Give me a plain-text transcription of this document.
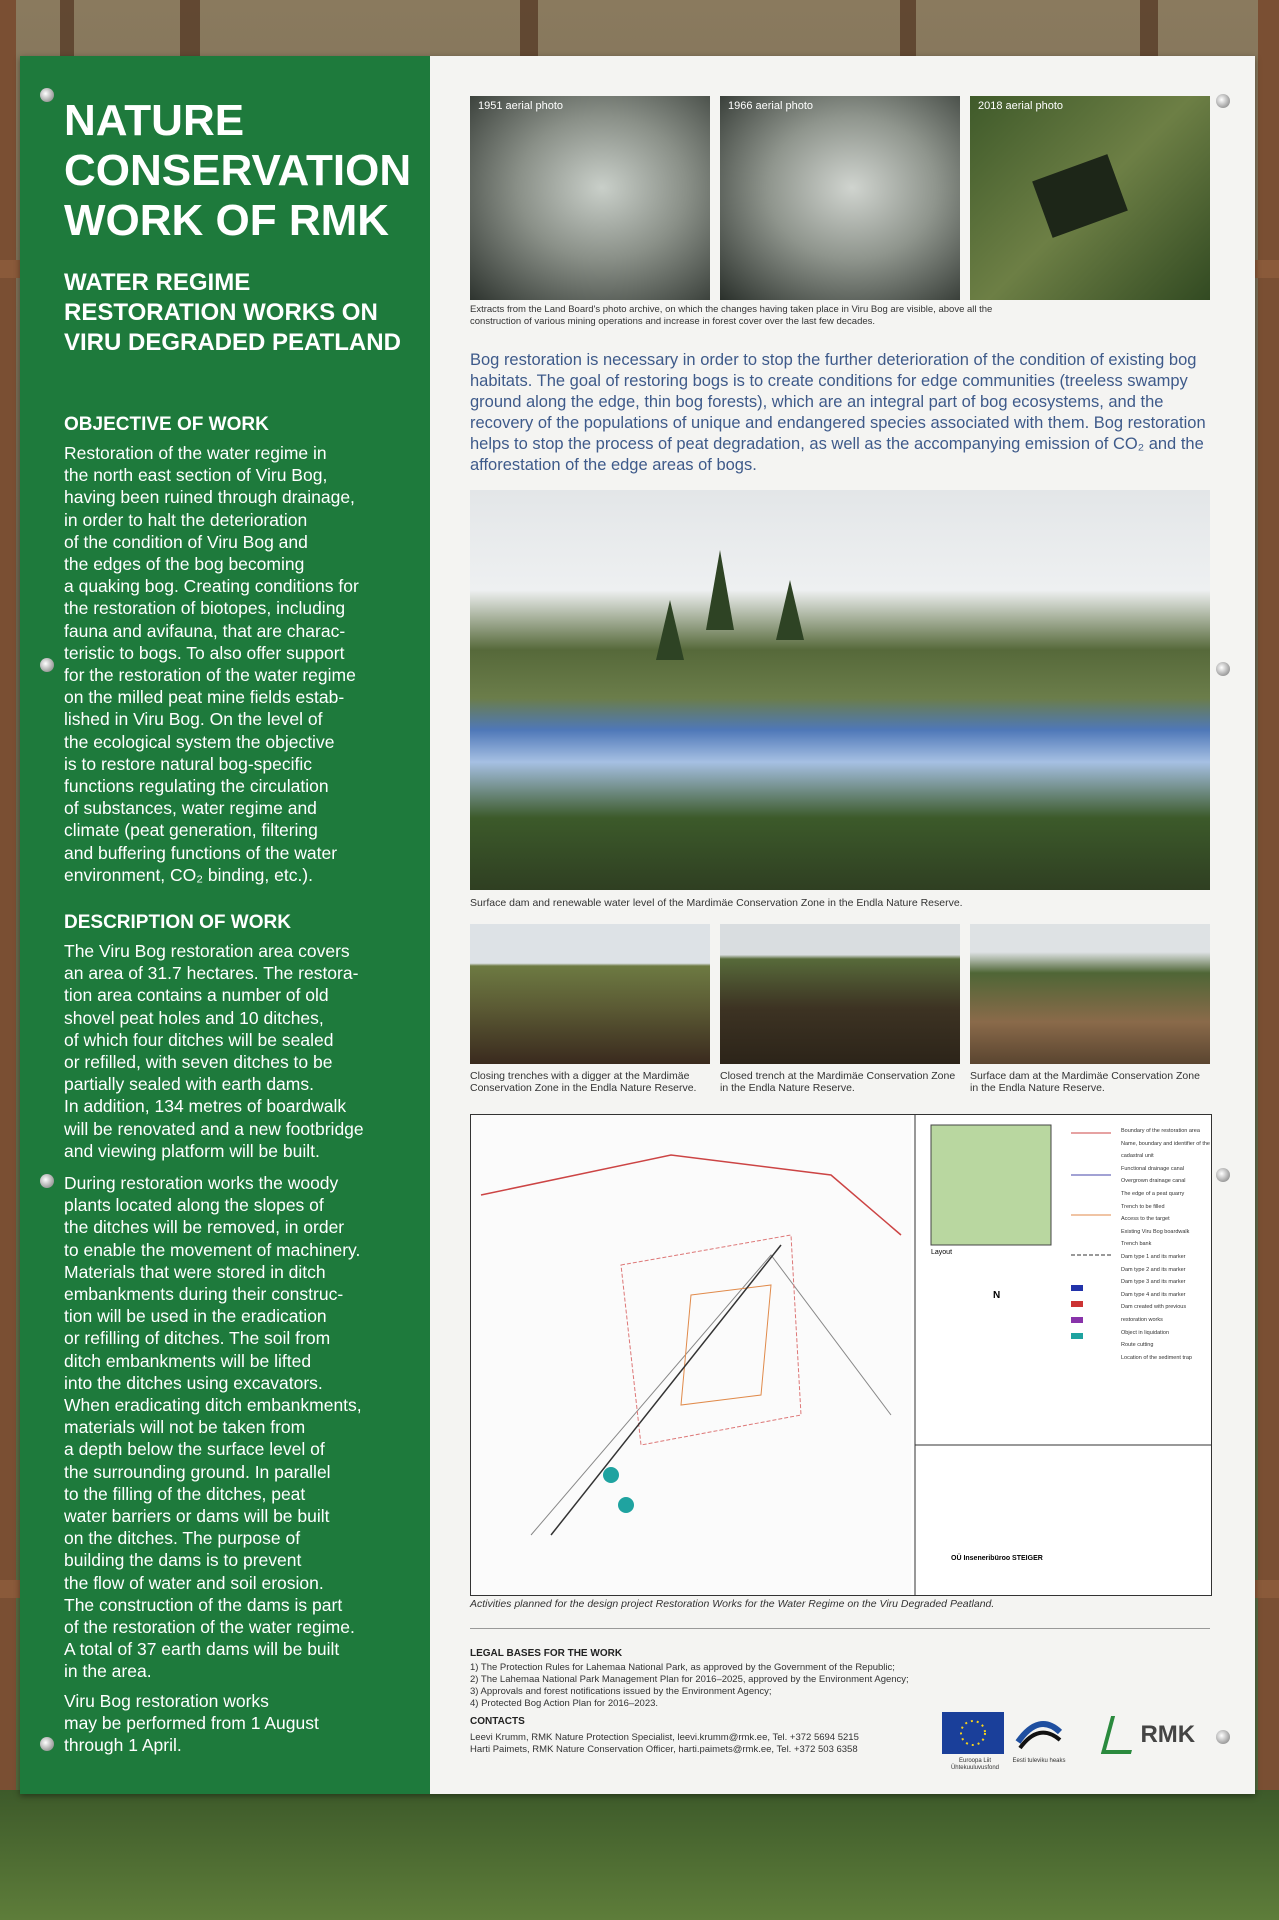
NATURE CONSERVATION WORK OF RMK
WATER REGIME RESTORATION WORKS ON VIRU DEGRADED PEATLAND
OBJECTIVE OF WORK
Restoration of the water regime in
the north east section of Viru Bog,
having been ruined through drainage,
in order to halt the deterioration
of the condition of Viru Bog and
the edges of the bog becoming
a quaking bog. Creating conditions for
the restoration of biotopes, including
fauna and avifauna, that are charac-
teristic to bogs. To also offer support
for the restoration of the water regime
on the milled peat mine fields estab-
lished in Viru Bog. On the level of
the ecological system the objective
is to restore natural bog-specific
functions regulating the circulation
of substances, water regime and
climate (peat generation, filtering
and buffering functions of the water
environment, CO₂ binding, etc.).
DESCRIPTION OF WORK
The Viru Bog restoration area covers
an area of 31.7 hectares. The restora-
tion area contains a number of old
shovel peat holes and 10 ditches,
of which four ditches will be sealed
or refilled, with seven ditches to be
partially sealed with earth dams.
In addition, 134 metres of boardwalk
will be renovated and a new footbridge
and viewing platform will be built.
During restoration works the woody
plants located along the slopes of
the ditches will be removed, in order
to enable the movement of machinery.
Materials that were stored in ditch
embankments during their construc-
tion will be used in the eradication
or refilling of ditches. The soil from
ditch embankments will be lifted
into the ditches using excavators.
When eradicating ditch embankments,
materials will not be taken from
a depth below the surface level of
the surrounding ground. In parallel
to the filling of the ditches, peat
water barriers or dams will be built
on the ditches. The purpose of
building the dams is to prevent
the flow of water and soil erosion.
The construction of the dams is part
of the restoration of the water regime.
A total of 37 earth dams will be built
in the area.
Viru Bog restoration works
may be performed from 1 August
through 1 April.
1951 aerial photo	1966 aerial photo	2018 aerial photo
Extracts from the Land Board's photo archive, on which the changes having taken place in Viru Bog are visible, above all the construction of various mining operations and increase in forest cover over the last few decades.
Bog restoration is necessary in order to stop the further deterioration of the condition of existing bog habitats. The goal of restoring bogs is to create conditions for edge communities (treeless swampy ground along the edge, thin bog forests), which are an integral part of bog ecosystems, and the recovery of the populations of unique and endangered species associated with them. Bog restoration helps to stop the process of peat degradation, as well as the accompanying emission of CO₂ and the afforestation of the edge areas of bogs.
Surface dam and renewable water level of the Mardimäe Conservation Zone in the Endla Nature Reserve.
Closing trenches with a digger at the Mardimäe Conservation Zone in the Endla Nature Reserve.
Closed trench at the Mardimäe Conservation Zone in the Endla Nature Reserve.
Surface dam at the Mardimäe Conservation Zone in the Endla Nature Reserve.
N
Layout
Boundary of the restoration area
Name, boundary and identifier of the cadastral unit
Functional drainage canal
Overgrown drainage canal
The edge of a peat quarry
Trench to be filled
Access to the target
Existing Viru Bog boardwalk
Trench bank
Dam type 1 and its marker
Dam type 2 and its marker
Dam type 3 and its marker
Dam type 4 and its marker
Dam created with previous restoration works
Object in liquidation
Route cutting
Location of the sediment trap
OÜ Inseneribüroo STEIGER
Activities planned for the design project Restoration Works for the Water Regime on the Viru Degraded Peatland.
LEGAL BASES FOR THE WORK
1) The Protection Rules for Lahemaa National Park, as approved by the Government of the Republic;
2) The Lahemaa National Park Management Plan for 2016–2025, approved by the Environment Agency;
3) Approvals and forest notifications issued by the Environment Agency;
4) Protected Bog Action Plan for 2016–2023.
CONTACTS
Leevi Krumm, RMK Nature Protection Specialist, leevi.krumm@rmk.ee, Tel. +372 5694 5215
Harti Paimets, RMK Nature Conservation Officer, harti.paimets@rmk.ee, Tel. +372 503 6358
Euroopa Liit Ühtekuuluvusfond
Eesti tuleviku heaks
RMK
